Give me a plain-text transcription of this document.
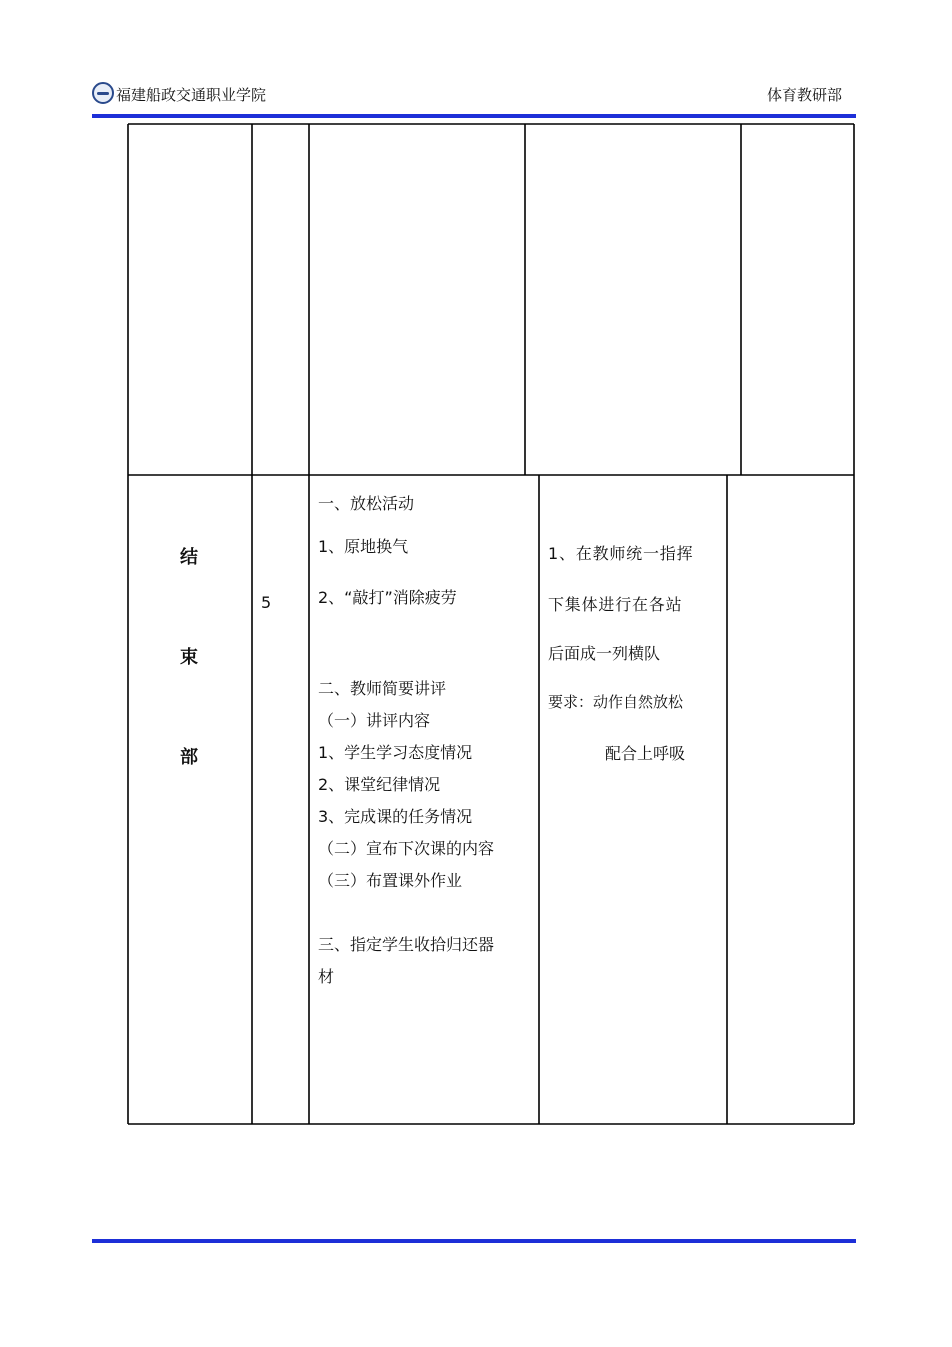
福建船政交通职业学院	体育教研部
结
束
部
5
一、放松活动
1、原地换气
2、“敲打”消除疲劳
二、教师简要讲评
（一）讲评内容
1、学生学习态度情况
2、课堂纪律情况
3、完成课的任务情况
（二）宣布下次课的内容
（三）布置课外作业
三、指定学生收拾归还器
材
1、在教师统一指挥
下集体进行在各站
后面成一列横队
要求：动作自然放松
配合上呼吸
